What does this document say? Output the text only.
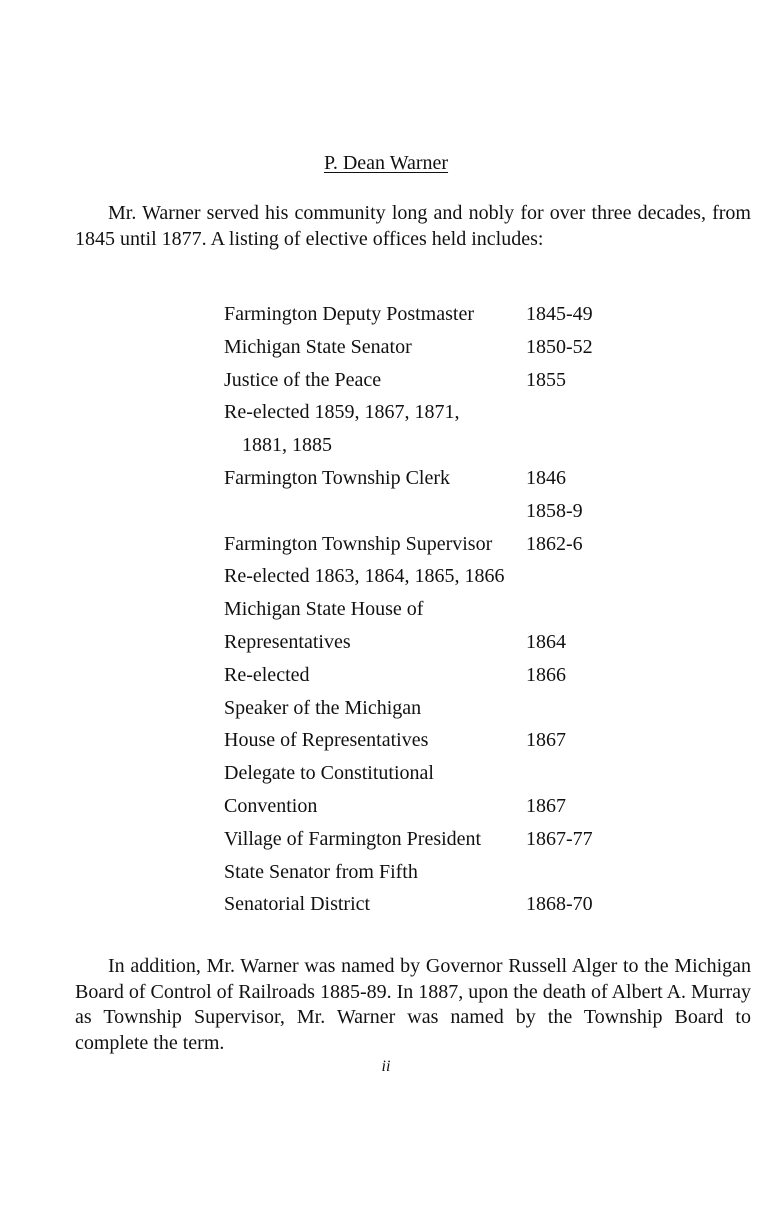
P. Dean Warner

Mr. Warner served his community long and nobly for over three decades, from 1845 until 1877. A listing of elective offices held includes:

Farmington Deputy Postmaster	1845-49
Michigan State Senator	1850-52
Justice of the Peace	1855
Re-elected 1859, 1867, 1871,
1881, 1885
Farmington Township Clerk	1846
1858-9
Farmington Township Supervisor 1862-6
Re-elected 1863, 1864, 1865, 1866
Michigan State House of
Representatives	1864
Re-elected	1866
Speaker of the Michigan
House of Representatives	1867
Delegate to Constitutional
Convention	1867
Village of Farmington President 1867-77
State Senator from Fifth
Senatorial District	1868-70

In addition, Mr. Warner was named by Governor Russell Alger to the Michigan Board of Control of Railroads 1885-89. In 1887, upon the death of Albert A. Murray as Township Supervisor, Mr. Warner was named by the Township Board to complete the term.

ii
